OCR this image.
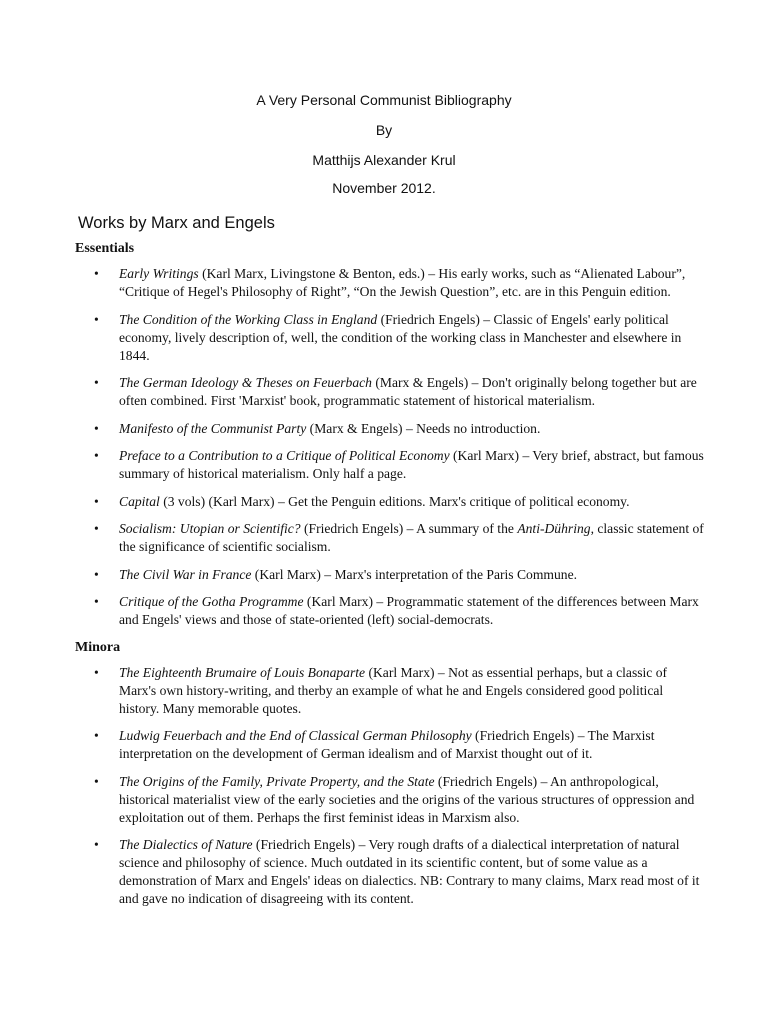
A Very Personal Communist Bibliography
By
Matthijs Alexander Krul
November 2012.
Works by Marx and Engels
Essentials
• Early Writings (Karl Marx, Livingstone & Benton, eds.) – His early works, such as “Alienated Labour”, “Critique of Hegel's Philosophy of Right”, “On the Jewish Question”, etc. are in this Penguin edition.
• The Condition of the Working Class in England (Friedrich Engels) – Classic of Engels' early political economy, lively description of, well, the condition of the working class in Manchester and elsewhere in 1844.
• The German Ideology & Theses on Feuerbach (Marx & Engels) – Don't originally belong together but are often combined. First 'Marxist' book, programmatic statement of historical materialism.
• Manifesto of the Communist Party (Marx & Engels) – Needs no introduction.
• Preface to a Contribution to a Critique of Political Economy (Karl Marx) – Very brief, abstract, but famous summary of historical materialism. Only half a page.
• Capital (3 vols) (Karl Marx) – Get the Penguin editions. Marx's critique of political economy.
• Socialism: Utopian or Scientific? (Friedrich Engels) – A summary of the Anti-Dühring, classic statement of the significance of scientific socialism.
• The Civil War in France (Karl Marx) – Marx's interpretation of the Paris Commune.
• Critique of the Gotha Programme (Karl Marx) – Programmatic statement of the differences between Marx and Engels' views and those of state-oriented (left) social-democrats.
Minora
• The Eighteenth Brumaire of Louis Bonaparte (Karl Marx) – Not as essential perhaps, but a classic of Marx's own history-writing, and therby an example of what he and Engels considered good political history. Many memorable quotes.
• Ludwig Feuerbach and the End of Classical German Philosophy (Friedrich Engels) – The Marxist interpretation on the development of German idealism and of Marxist thought out of it.
• The Origins of the Family, Private Property, and the State (Friedrich Engels) – An anthropological, historical materialist view of the early societies and the origins of the various structures of oppression and exploitation out of them. Perhaps the first feminist ideas in Marxism also.
• The Dialectics of Nature (Friedrich Engels) – Very rough drafts of a dialectical interpretation of natural science and philosophy of science. Much outdated in its scientific content, but of some value as a demonstration of Marx and Engels' ideas on dialectics. NB: Contrary to many claims, Marx read most of it and gave no indication of disagreeing with its content.
